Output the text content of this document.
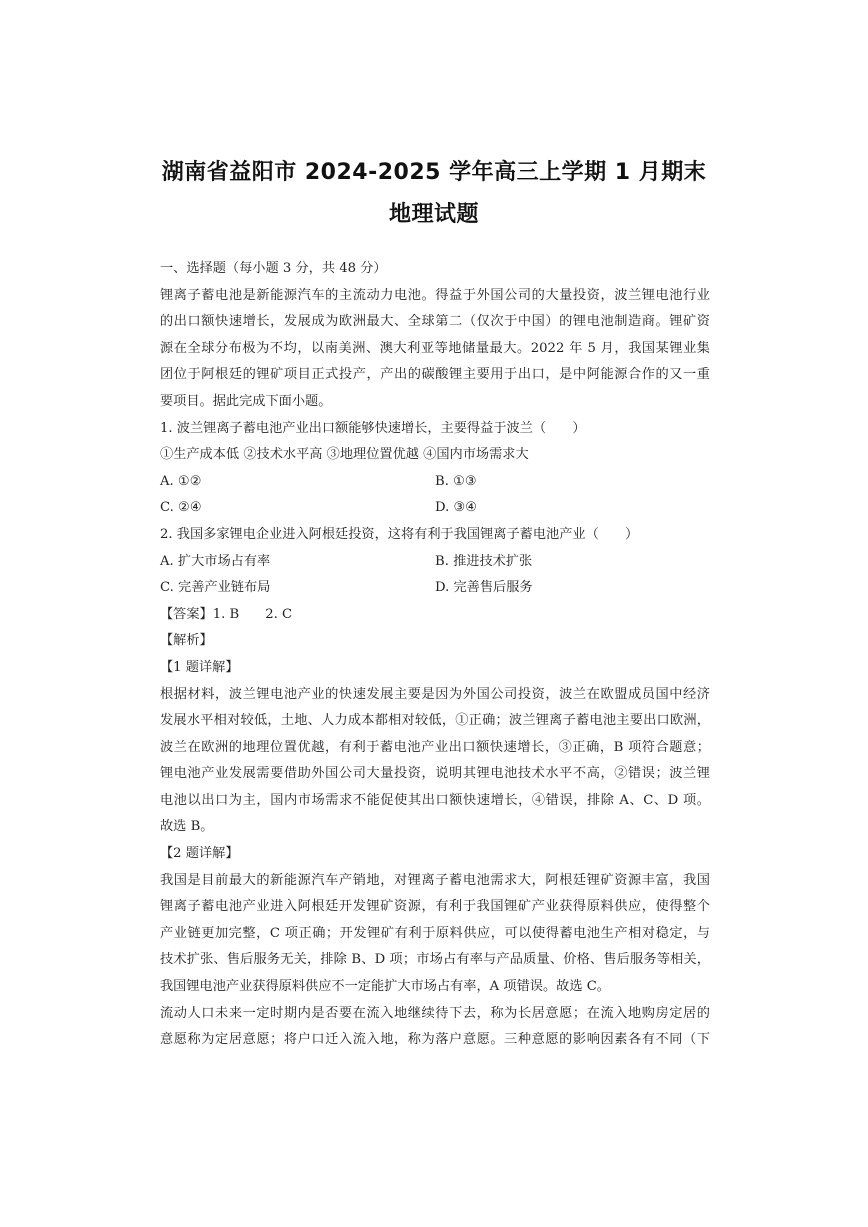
湖南省益阳市 2024-2025 学年高三上学期 1 月期末
地理试题
一、选择题（每小题 3 分，共 48 分）
锂离子蓄电池是新能源汽车的主流动力电池。得益于外国公司的大量投资，波兰锂电池行业
的出口额快速增长，发展成为欧洲最大、全球第二（仅次于中国）的锂电池制造商。锂矿资
源在全球分布极为不均，以南美洲、澳大利亚等地储量最大。2022 年 5 月，我国某锂业集
团位于阿根廷的锂矿项目正式投产，产出的碳酸锂主要用于出口，是中阿能源合作的又一重
要项目。据此完成下面小题。
1. 波兰锂离子蓄电池产业出口额能够快速增长，主要得益于波兰（　　）
①生产成本低 ②技术水平高 ③地理位置优越 ④国内市场需求大
A. ①②	B. ①③
C. ②④	D. ③④
2. 我国多家锂电企业进入阿根廷投资，这将有利于我国锂离子蓄电池产业（　　）
A. 扩大市场占有率	B. 推进技术扩张
C. 完善产业链布局	D. 完善售后服务
【答案】1. B 2. C
【解析】
【1 题详解】
根据材料，波兰锂电池产业的快速发展主要是因为外国公司投资，波兰在欧盟成员国中经济
发展水平相对较低，土地、人力成本都相对较低，①正确；波兰锂离子蓄电池主要出口欧洲，
波兰在欧洲的地理位置优越，有利于蓄电池产业出口额快速增长，③正确，B 项符合题意；
锂电池产业发展需要借助外国公司大量投资，说明其锂电池技术水平不高，②错误；波兰锂
电池以出口为主，国内市场需求不能促使其出口额快速增长，④错误，排除 A、C、D 项。
故选 B。
【2 题详解】
我国是目前最大的新能源汽车产销地，对锂离子蓄电池需求大，阿根廷锂矿资源丰富，我国
锂离子蓄电池产业进入阿根廷开发锂矿资源，有利于我国锂矿产业获得原料供应，使得整个
产业链更加完整，C 项正确；开发锂矿有利于原料供应，可以使得蓄电池生产相对稳定，与
技术扩张、售后服务无关，排除 B、D 项；市场占有率与产品质量、价格、售后服务等相关，
我国锂电池产业获得原料供应不一定能扩大市场占有率，A 项错误。故选 C。
流动人口未来一定时期内是否要在流入地继续待下去，称为长居意愿；在流入地购房定居的
意愿称为定居意愿；将户口迁入流入地，称为落户意愿。三种意愿的影响因素各有不同（下
